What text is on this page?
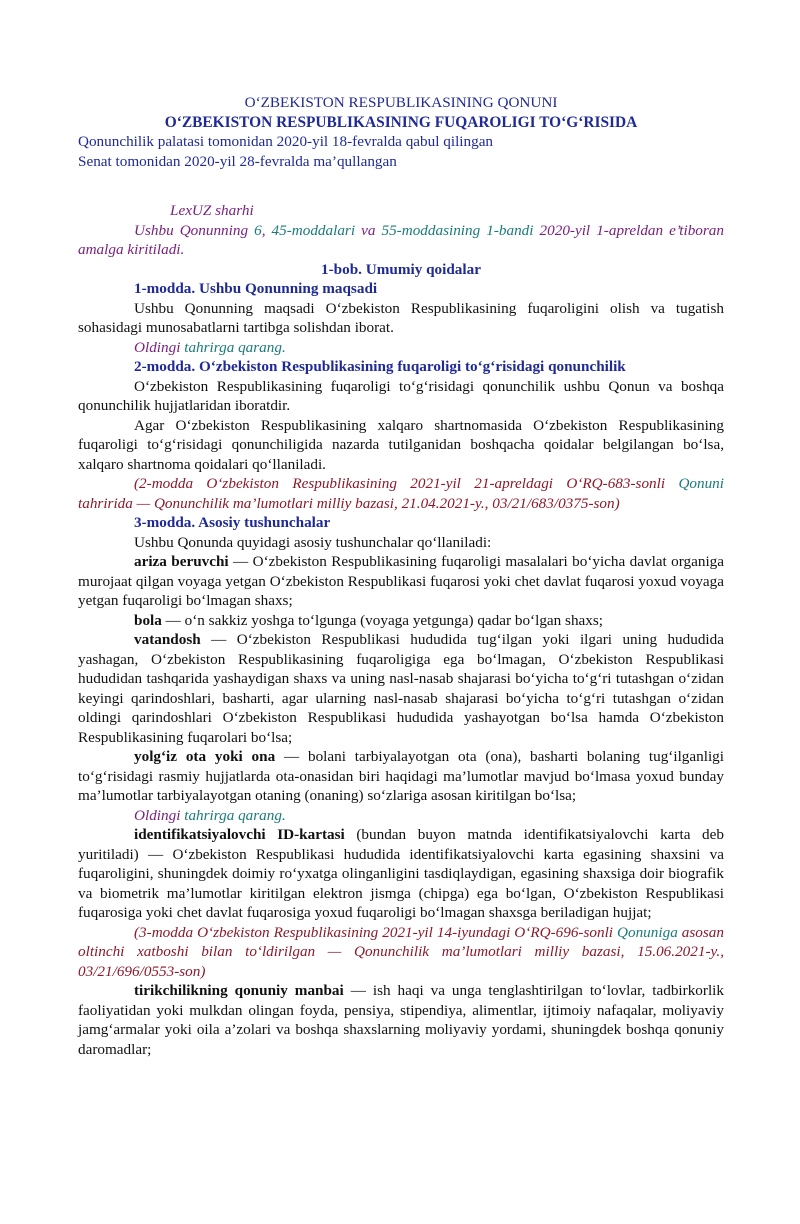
O‘ZBEKISTON RESPUBLIKASINING QONUNI
O‘ZBEKISTON RESPUBLIKASINING FUQAROLIGI TO‘G‘RISIDA
Qonunchilik palatasi tomonidan 2020-yil 18-fevralda qabul qilingan
Senat tomonidan 2020-yil 28-fevralda ma’qullangan
LexUZ sharhi

Ushbu Qonunning 6, 45-moddalari va 55-moddasining 1-bandi 2020-yil 1-apreldan e’tiboran amalga kiritiladi.

1-bob. Umumiy qoidalar
1-modda. Ushbu Qonunning maqsadi

Ushbu Qonunning maqsadi O‘zbekiston Respublikasining fuqaroligini olish va tugatish sohasidagi munosabatlarni tartibga solishdan iborat.

Oldingi tahrirga qarang.

2-modda. O‘zbekiston Respublikasining fuqaroligi to‘g‘risidagi qonunchilik

O‘zbekiston Respublikasining fuqaroligi to‘g‘risidagi qonunchilik ushbu Qonun va boshqa qonunchilik hujjatlaridan iboratdir.

Agar O‘zbekiston Respublikasining xalqaro shartnomasida O‘zbekiston Respublikasining fuqaroligi to‘g‘risidagi qonunchiligida nazarda tutilganidan boshqacha qoidalar belgilangan bo‘lsa, xalqaro shartnoma qoidalari qo‘llaniladi.

(2-modda O‘zbekiston Respublikasining 2021-yil 21-apreldagi O‘RQ-683-sonli Qonuni tahririda — Qonunchilik ma’lumotlari milliy bazasi, 21.04.2021-y., 03/21/683/0375-son)

3-modda. Asosiy tushunchalar

Ushbu Qonunda quyidagi asosiy tushunchalar qo‘llaniladi:

ariza beruvchi — O‘zbekiston Respublikasining fuqaroligi masalalari bo‘yicha davlat organiga murojaat qilgan voyaga yetgan O‘zbekiston Respublikasi fuqarosi yoki chet davlat fuqarosi yoxud voyaga yetgan fuqaroligi bo‘lmagan shaxs;

bola — o‘n sakkiz yoshga to‘lgunga (voyaga yetgunga) qadar bo‘lgan shaxs;

vatandosh — O‘zbekiston Respublikasi hududida tug‘ilgan yoki ilgari uning hududida yashagan, O‘zbekiston Respublikasining fuqaroligiga ega bo‘lmagan, O‘zbekiston Respublikasi hududidan tashqarida yashaydigan shaxs va uning nasl-nasab shajarasi bo‘yicha to‘g‘ri tutashgan o‘zidan keyingi qarindoshlari, basharti, agar ularning nasl-nasab shajarasi bo‘yicha to‘g‘ri tutashgan o‘zidan oldingi qarindoshlari O‘zbekiston Respublikasi hududida yashayotgan bo‘lsa hamda O‘zbekiston Respublikasining fuqarolari bo‘lsa;

yolg‘iz ota yoki ona — bolani tarbiyalayotgan ota (ona), basharti bolaning tug‘ilganligi to‘g‘risidagi rasmiy hujjatlarda ota-onasidan biri haqidagi ma’lumotlar mavjud bo‘lmasa yoxud bunday ma’lumotlar tarbiyalayotgan otaning (onaning) so‘zlariga asosan kiritilgan bo‘lsa;

Oldingi tahrirga qarang.

identifikatsiyalovchi ID-kartasi (bundan buyon matnda identifikatsiyalovchi karta deb yuritiladi) — O‘zbekiston Respublikasi hududida identifikatsiyalovchi karta egasining shaxsini va fuqaroligini, shuningdek doimiy ro‘yxatga olinganligini tasdiqlaydigan, egasining shaxsiga doir biografik va biometrik ma’lumotlar kiritilgan elektron jismga (chipga) ega bo‘lgan, O‘zbekiston Respublikasi fuqarosiga yoki chet davlat fuqarosiga yoxud fuqaroligi bo‘lmagan shaxsga beriladigan hujjat;

(3-modda O‘zbekiston Respublikasining 2021-yil 14-iyundagi O‘RQ-696-sonli Qonuniga asosan oltinchi xatboshi bilan to‘ldirilgan — Qonunchilik ma’lumotlari milliy bazasi, 15.06.2021-y., 03/21/696/0553-son)

tirikchilikning qonuniy manbai — ish haqi va unga tenglashtirilgan to‘lovlar, tadbirkorlik faoliyatidan yoki mulkdan olingan foyda, pensiya, stipendiya, alimentlar, ijtimoiy nafaqalar, moliyaviy jamg‘armalar yoki oila a’zolari va boshqa shaxslarning moliyaviy yordami, shuningdek boshqa qonuniy daromadlar;
